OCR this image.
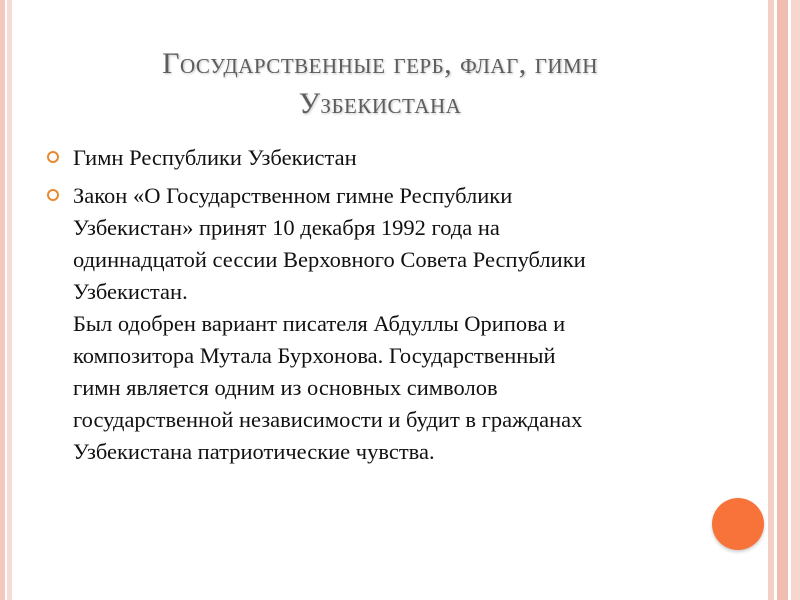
Государственные герб, флаг, гимн
Узбекистана
Гимн Республики Узбекистан
Закон «О Государственном гимне Республики
Узбекистан» принят 10 декабря 1992 года на
одиннадцатой сессии Верховного Совета Республики
Узбекистан.
Был одобрен вариант писателя Абдуллы Орипова и
композитора Мутала Бурхонова. Государственный
гимн является одним из основных символов
государственной независимости и будит в гражданах
Узбекистана патриотические чувства.
